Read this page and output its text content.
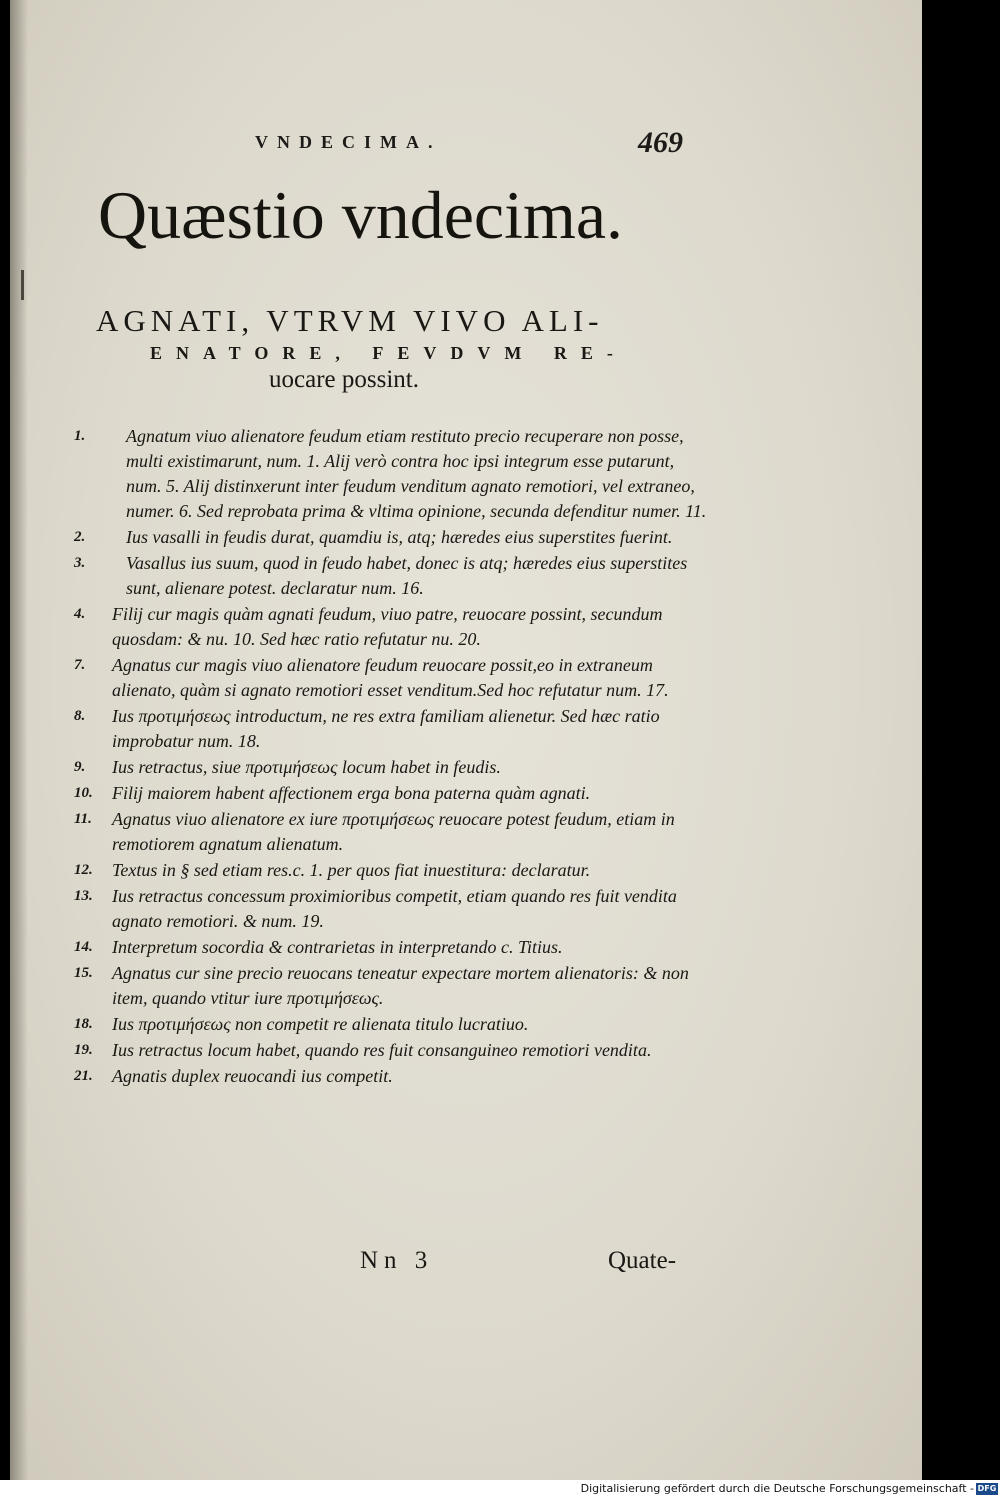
VNDECIMA.	469
Quæstio vndecima.
AGNATI, VTRVM VIVO ALI-
ENATORE, FEVDVM RE-
uocare possint.
1.	Agnatum viuo alienatore feudum etiam restituto precio recuperare non posse, multi existimarunt, num. 1. Alij verò contra hoc ipsi integrum esse putarunt, num. 5. Alij distinxerunt inter feudum venditum agnato remotiori, vel extraneo, numer. 6. Sed reprobata prima & vltima opinione, secunda defenditur numer. 11.
2.	Ius vasalli in feudis durat, quamdiu is, atq; hæredes eius superstites fuerint.
3.	Vasallus ius suum, quod in feudo habet, donec is atq; hæredes eius superstites sunt, alienare potest. declaratur num. 16.
4.	Filij cur magis quàm agnati feudum, viuo patre, reuocare possint, secundum quosdam: & nu. 10. Sed hæc ratio refutatur nu. 20.
7.	Agnatus cur magis viuo alienatore feudum reuocare possit,eo in extraneum alienato, quàm si agnato remotiori esset venditum.Sed hoc refutatur num. 17.
8.	Ius προτιμήσεως introductum, ne res extra familiam alienetur. Sed hæc ratio improbatur num. 18.
9.	Ius retractus, siue προτιμήσεως locum habet in feudis.
10.	Filij maiorem habent affectionem erga bona paterna quàm agnati.
11.	Agnatus viuo alienatore ex iure προτιμήσεως reuocare potest feudum, etiam in remotiorem agnatum alienatum.
12.	Textus in § sed etiam res.c. 1. per quos fiat inuestitura: declaratur.
13.	Ius retractus concessum proximioribus competit, etiam quando res fuit vendita agnato remotiori. & num. 19.
14.	Interpretum socordia & contrarietas in interpretando c. Titius.
15.	Agnatus cur sine precio reuocans teneatur expectare mortem alienatoris: & non item, quando vtitur iure προτιμήσεως.
18.	Ius προτιμήσεως non competit re alienata titulo lucratiuo.
19.	Ius retractus locum habet, quando res fuit consanguineo remotiori vendita.
21.	Agnatis duplex reuocandi ius competit.
Nn 3	Quate-
Digitalisierung gefördert durch die Deutsche Forschungsgemeinschaft - DFG
